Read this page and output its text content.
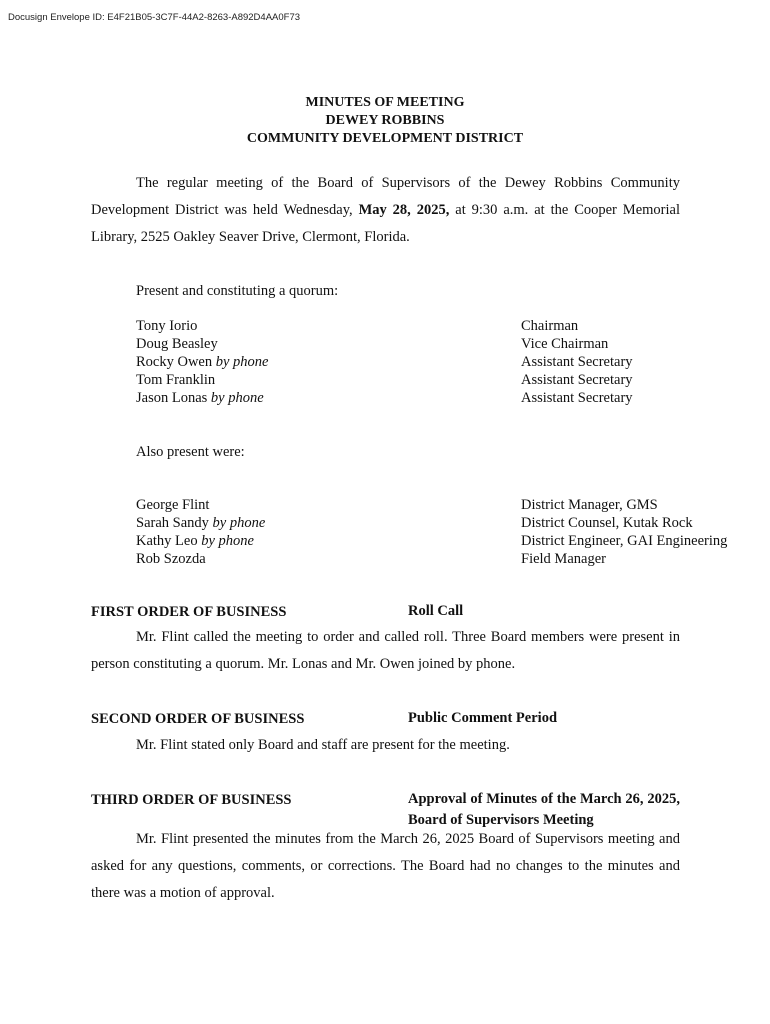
Docusign Envelope ID: E4F21B05-3C7F-44A2-8263-A892D4AA0F73
MINUTES OF MEETING
DEWEY ROBBINS
COMMUNITY DEVELOPMENT DISTRICT
The regular meeting of the Board of Supervisors of the Dewey Robbins Community Development District was held Wednesday, May 28, 2025, at 9:30 a.m. at the Cooper Memorial Library, 2525 Oakley Seaver Drive, Clermont, Florida.
Present and constituting a quorum:
Tony Iorio	Chairman
Doug Beasley	Vice Chairman
Rocky Owen by phone	Assistant Secretary
Tom Franklin	Assistant Secretary
Jason Lonas by phone	Assistant Secretary
Also present were:
George Flint	District Manager, GMS
Sarah Sandy by phone	District Counsel, Kutak Rock
Kathy Leo by phone	District Engineer, GAI Engineering
Rob Szozda	Field Manager
FIRST ORDER OF BUSINESS	Roll Call
Mr. Flint called the meeting to order and called roll. Three Board members were present in person constituting a quorum. Mr. Lonas and Mr. Owen joined by phone.
SECOND ORDER OF BUSINESS	Public Comment Period
Mr. Flint stated only Board and staff are present for the meeting.
THIRD ORDER OF BUSINESS	Approval of Minutes of the March 26, 2025, Board of Supervisors Meeting
Mr. Flint presented the minutes from the March 26, 2025 Board of Supervisors meeting and asked for any questions, comments, or corrections. The Board had no changes to the minutes and there was a motion of approval.
